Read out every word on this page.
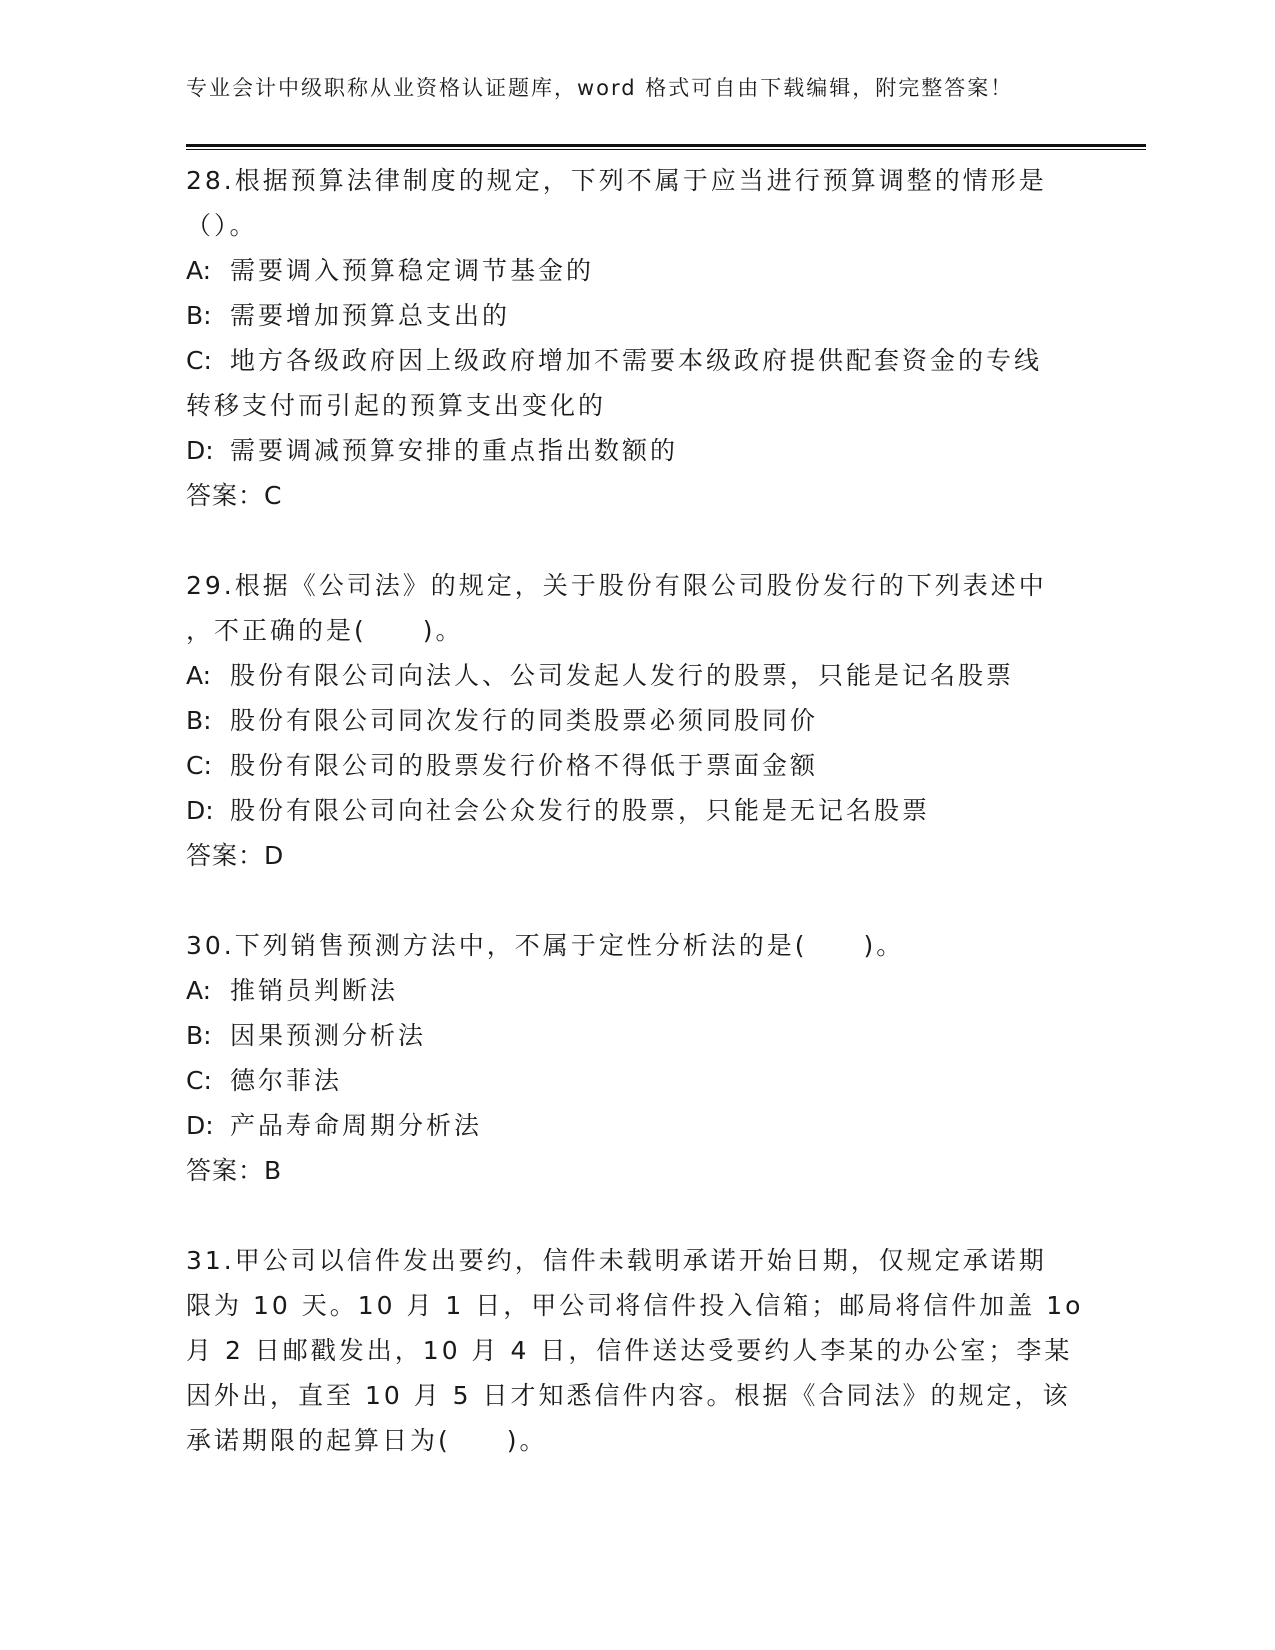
专业会计中级职称从业资格认证题库，word 格式可自由下载编辑，附完整答案！
28.根据预算法律制度的规定，下列不属于应当进行预算调整的情形是
（）。
A: 需要调入预算稳定调节基金的
B: 需要增加预算总支出的
C: 地方各级政府因上级政府增加不需要本级政府提供配套资金的专线
转移支付而引起的预算支出变化的
D: 需要调减预算安排的重点指出数额的
答案：C
29.根据《公司法》的规定，关于股份有限公司股份发行的下列表述中
，不正确的是(　　)。
A: 股份有限公司向法人、公司发起人发行的股票，只能是记名股票
B: 股份有限公司同次发行的同类股票必须同股同价
C: 股份有限公司的股票发行价格不得低于票面金额
D: 股份有限公司向社会公众发行的股票，只能是无记名股票
答案：D
30.下列销售预测方法中，不属于定性分析法的是(　　)。
A: 推销员判断法
B: 因果预测分析法
C: 德尔菲法
D: 产品寿命周期分析法
答案：B
31.甲公司以信件发出要约，信件未载明承诺开始日期，仅规定承诺期
限为 10 天。10 月 1 日，甲公司将信件投入信箱；邮局将信件加盖 1o
月 2 日邮戳发出，10 月 4 日，信件送达受要约人李某的办公室；李某
因外出，直至 10 月 5 日才知悉信件内容。根据《合同法》的规定，该
承诺期限的起算日为(　　)。
